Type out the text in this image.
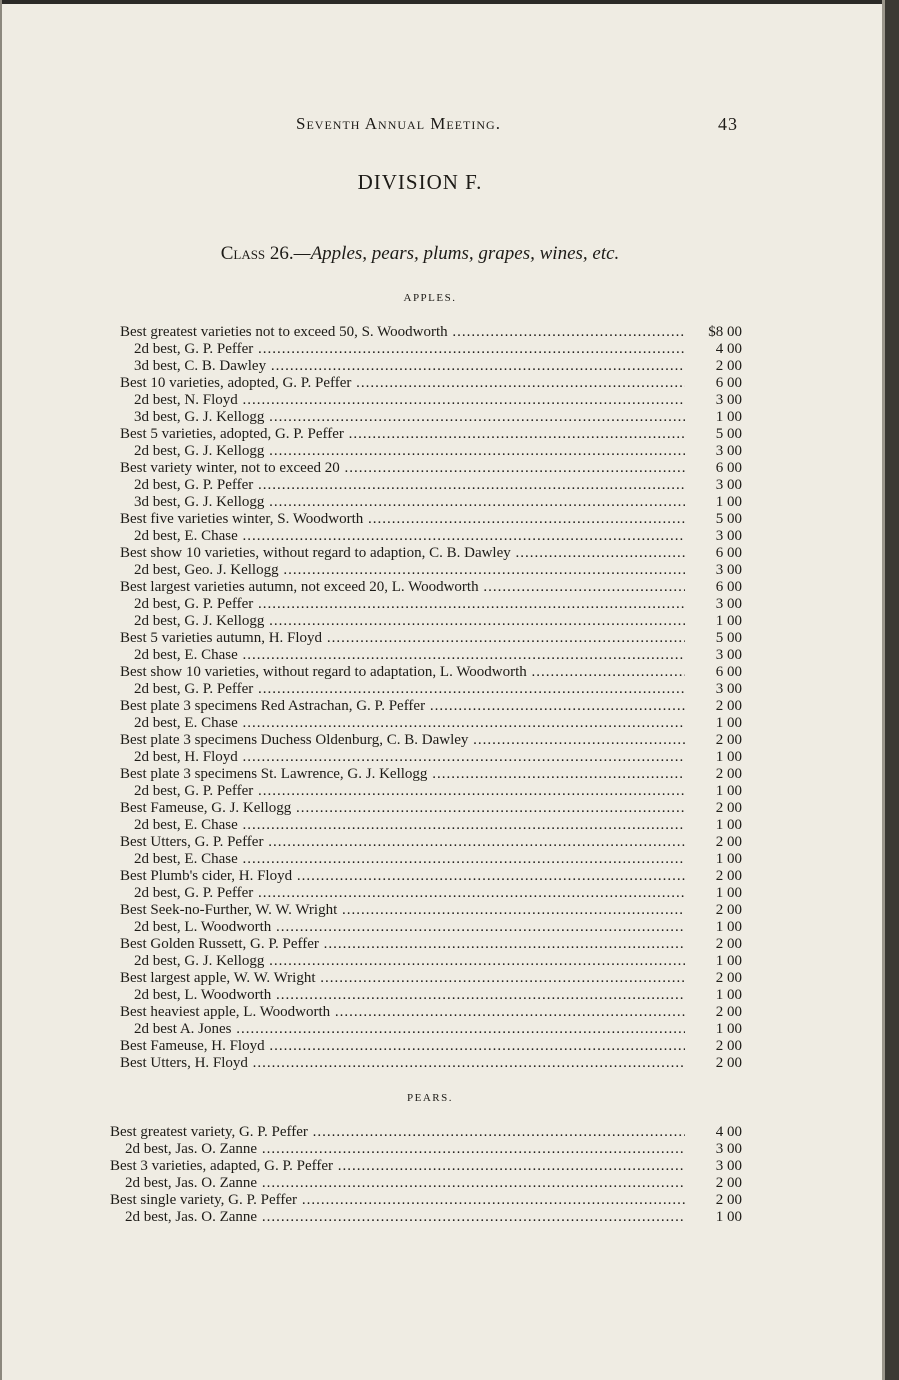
Seventh Annual Meeting.	43
DIVISION F.
Class 26.—Apples, pears, plums, grapes, wines, etc.
APPLES.
Best greatest varieties not to exceed 50, S. Woodworth .....	$8 00
2d best, G. P. Peffer .....	4 00
3d best, C. B. Dawley .....	2 00
Best 10 varieties, adopted, G. P. Peffer .....	6 00
2d best, N. Floyd .....	3 00
3d best, G. J. Kellogg .....	1 00
Best 5 varieties, adopted, G. P. Peffer .....	5 00
2d best, G. J. Kellogg .....	3 00
Best variety winter, not to exceed 20 .....	6 00
2d best, G. P. Peffer .....	3 00
3d best, G. J. Kellogg .....	1 00
Best five varieties winter, S. Woodworth .....	5 00
2d best, E. Chase .....	3 00
Best show 10 varieties, without regard to adaption, C. B. Dawley .....	6 00
2d best, Geo. J. Kellogg .....	3 00
Best largest varieties autumn, not exceed 20, L. Woodworth .....	6 00
2d best, G. P. Peffer .....	3 00
2d best, G. J. Kellogg .....	1 00
Best 5 varieties autumn, H. Floyd .....	5 00
2d best, E. Chase .....	3 00
Best show 10 varieties, without regard to adaptation, L. Woodworth .....	6 00
2d best, G. P. Peffer .....	3 00
Best plate 3 specimens Red Astrachan, G. P. Peffer .....	2 00
2d best, E. Chase .....	1 00
Best plate 3 specimens Duchess Oldenburg, C. B. Dawley .....	2 00
2d best, H. Floyd .....	1 00
Best plate 3 specimens St. Lawrence, G. J. Kellogg .....	2 00
2d best, G. P. Peffer .....	1 00
Best Fameuse, G. J. Kellogg .....	2 00
2d best, E. Chase .....	1 00
Best Utters, G. P. Peffer .....	2 00
2d best, E. Chase .....	1 00
Best Plumb's cider, H. Floyd .....	2 00
2d best, G. P. Peffer .....	1 00
Best Seek-no-Further, W. W. Wright .....	2 00
2d best, L. Woodworth .....	1 00
Best Golden Russett, G. P. Peffer .....	2 00
2d best, G. J. Kellogg .....	1 00
Best largest apple, W. W. Wright .....	2 00
2d best, L. Woodworth .....	1 00
Best heaviest apple, L. Woodworth .....	2 00
2d best A. Jones .....	1 00
Best Fameuse, H. Floyd .....	2 00
Best Utters, H. Floyd .....	2 00
PEARS.
Best greatest variety, G. P. Peffer .....	4 00
2d best, Jas. O. Zanne .....	3 00
Best 3 varieties, adapted, G. P. Peffer .....	3 00
2d best, Jas. O. Zanne .....	2 00
Best single variety, G. P. Peffer .....	2 00
2d best, Jas. O. Zanne .....	1 00
